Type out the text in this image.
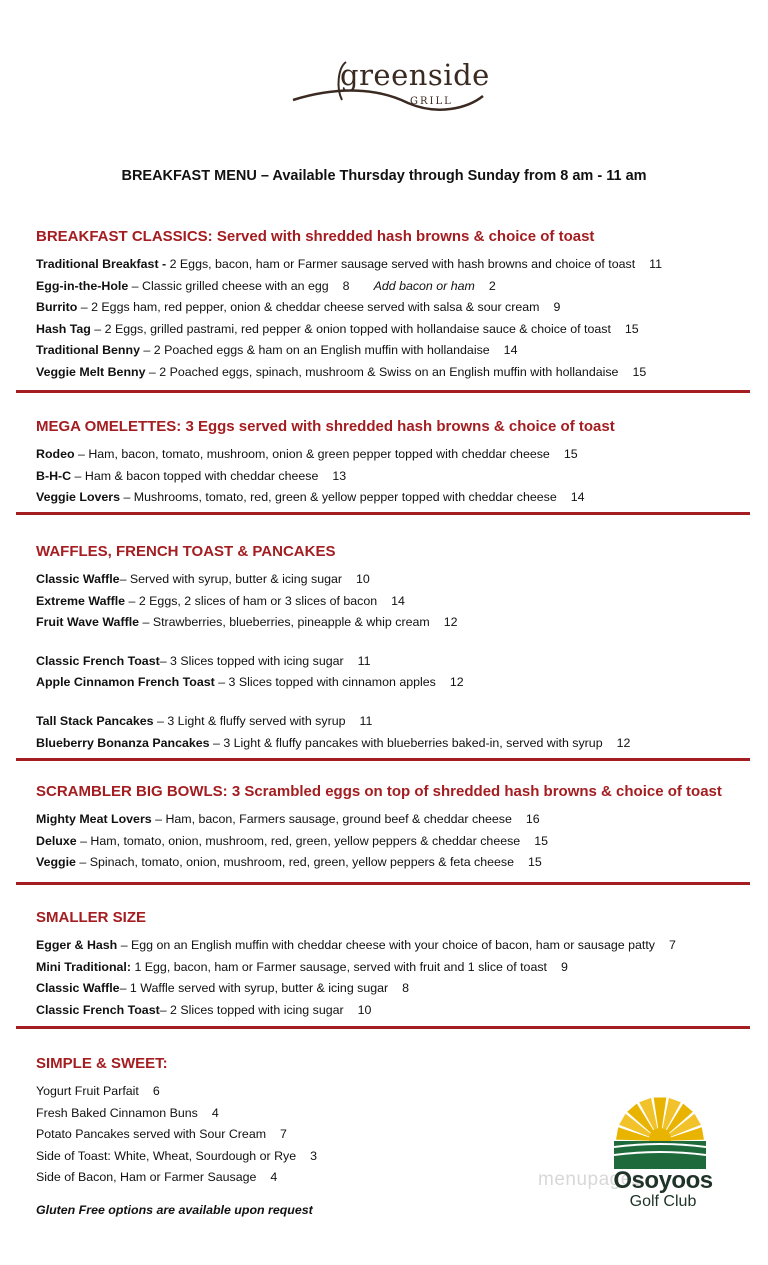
greenside
GRILL
BREAKFAST MENU – Available Thursday through Sunday from 8 am - 11 am
BREAKFAST CLASSICS: Served with shredded hash browns & choice of toast
Traditional Breakfast - 2 Eggs, bacon, ham or Farmer sausage served with hash browns and choice of toast 11
Egg-in-the-Hole – Classic grilled cheese with an egg 8 Add bacon or ham 2
Burrito – 2 Eggs ham, red pepper, onion & cheddar cheese served with salsa & sour cream 9
Hash Tag – 2 Eggs, grilled pastrami, red pepper & onion topped with hollandaise sauce & choice of toast 15
Traditional Benny – 2 Poached eggs & ham on an English muffin with hollandaise 14
Veggie Melt Benny – 2 Poached eggs, spinach, mushroom & Swiss on an English muffin with hollandaise 15
MEGA OMELETTES: 3 Eggs served with shredded hash browns & choice of toast
Rodeo – Ham, bacon, tomato, mushroom, onion & green pepper topped with cheddar cheese 15
B-H-C – Ham & bacon topped with cheddar cheese 13
Veggie Lovers – Mushrooms, tomato, red, green & yellow pepper topped with cheddar cheese 14
WAFFLES, FRENCH TOAST & PANCAKES
Classic Waffle– Served with syrup, butter & icing sugar 10
Extreme Waffle – 2 Eggs, 2 slices of ham or 3 slices of bacon 14
Fruit Wave Waffle – Strawberries, blueberries, pineapple & whip cream 12
Classic French Toast– 3 Slices topped with icing sugar 11
Apple Cinnamon French Toast – 3 Slices topped with cinnamon apples 12
Tall Stack Pancakes – 3 Light & fluffy served with syrup 11
Blueberry Bonanza Pancakes – 3 Light & fluffy pancakes with blueberries baked-in, served with syrup 12
SCRAMBLER BIG BOWLS: 3 Scrambled eggs on top of shredded hash browns & choice of toast
Mighty Meat Lovers – Ham, bacon, Farmers sausage, ground beef & cheddar cheese 16
Deluxe – Ham, tomato, onion, mushroom, red, green, yellow peppers & cheddar cheese 15
Veggie – Spinach, tomato, onion, mushroom, red, green, yellow peppers & feta cheese 15
SMALLER SIZE
Egger & Hash – Egg on an English muffin with cheddar cheese with your choice of bacon, ham or sausage patty 7
Mini Traditional: 1 Egg, bacon, ham or Farmer sausage, served with fruit and 1 slice of toast 9
Classic Waffle– 1 Waffle served with syrup, butter & icing sugar 8
Classic French Toast– 2 Slices topped with icing sugar 10
SIMPLE & SWEET:
Yogurt Fruit Parfait 6
Fresh Baked Cinnamon Buns 4
Potato Pancakes served with Sour Cream 7
Side of Toast: White, Wheat, Sourdough or Rye 3
Side of Bacon, Ham or Farmer Sausage 4
Gluten Free options are available upon request
menupages
Osoyoos
Golf Club
